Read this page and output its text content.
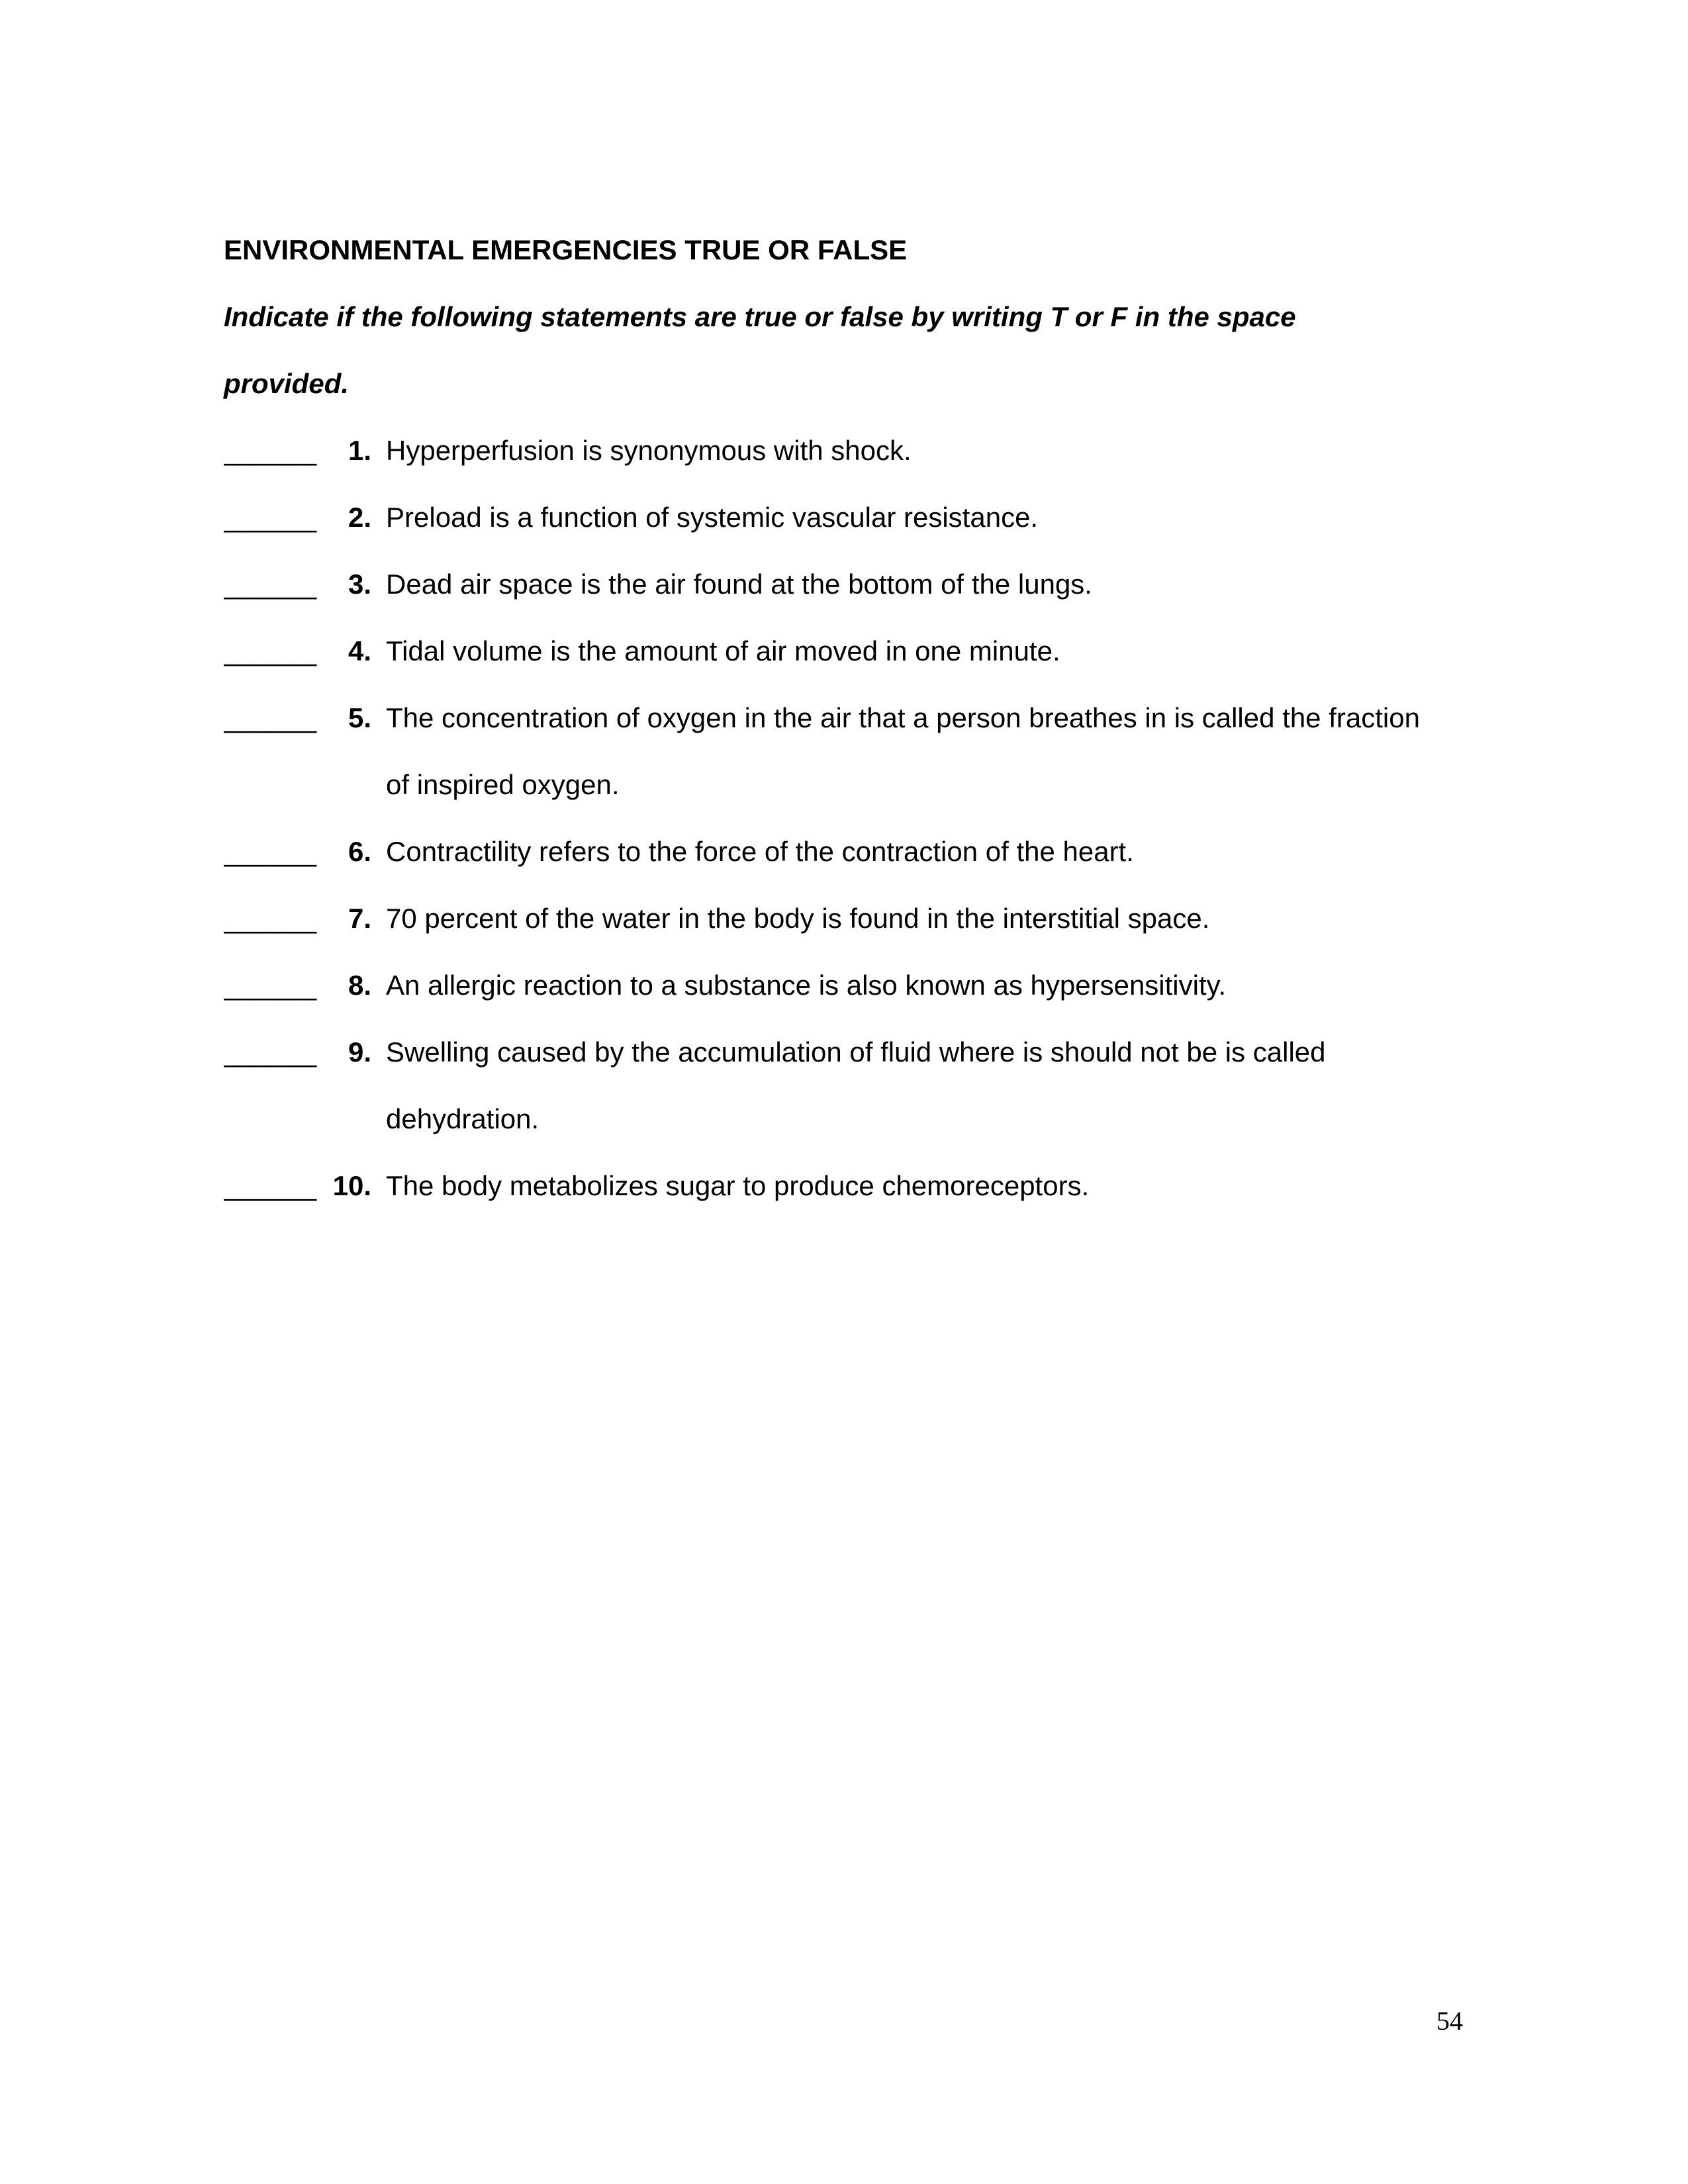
ENVIRONMENTAL EMERGENCIES TRUE OR FALSE

Indicate if the following statements are true or false by writing T or F in the space provided.

______	1. Hyperperfusion is synonymous with shock.
______	2. Preload is a function of systemic vascular resistance.
______	3. Dead air space is the air found at the bottom of the lungs.
______	4. Tidal volume is the amount of air moved in one minute.
______	5. The concentration of oxygen in the air that a person breathes in is called the fraction of inspired oxygen.
______	6. Contractility refers to the force of the contraction of the heart.
______	7. 70 percent of the water in the body is found in the interstitial space.
______	8. An allergic reaction to a substance is also known as hypersensitivity.
______	9. Swelling caused by the accumulation of fluid where is should not be is called dehydration.
______ 10. The body metabolizes sugar to produce chemoreceptors.
54
